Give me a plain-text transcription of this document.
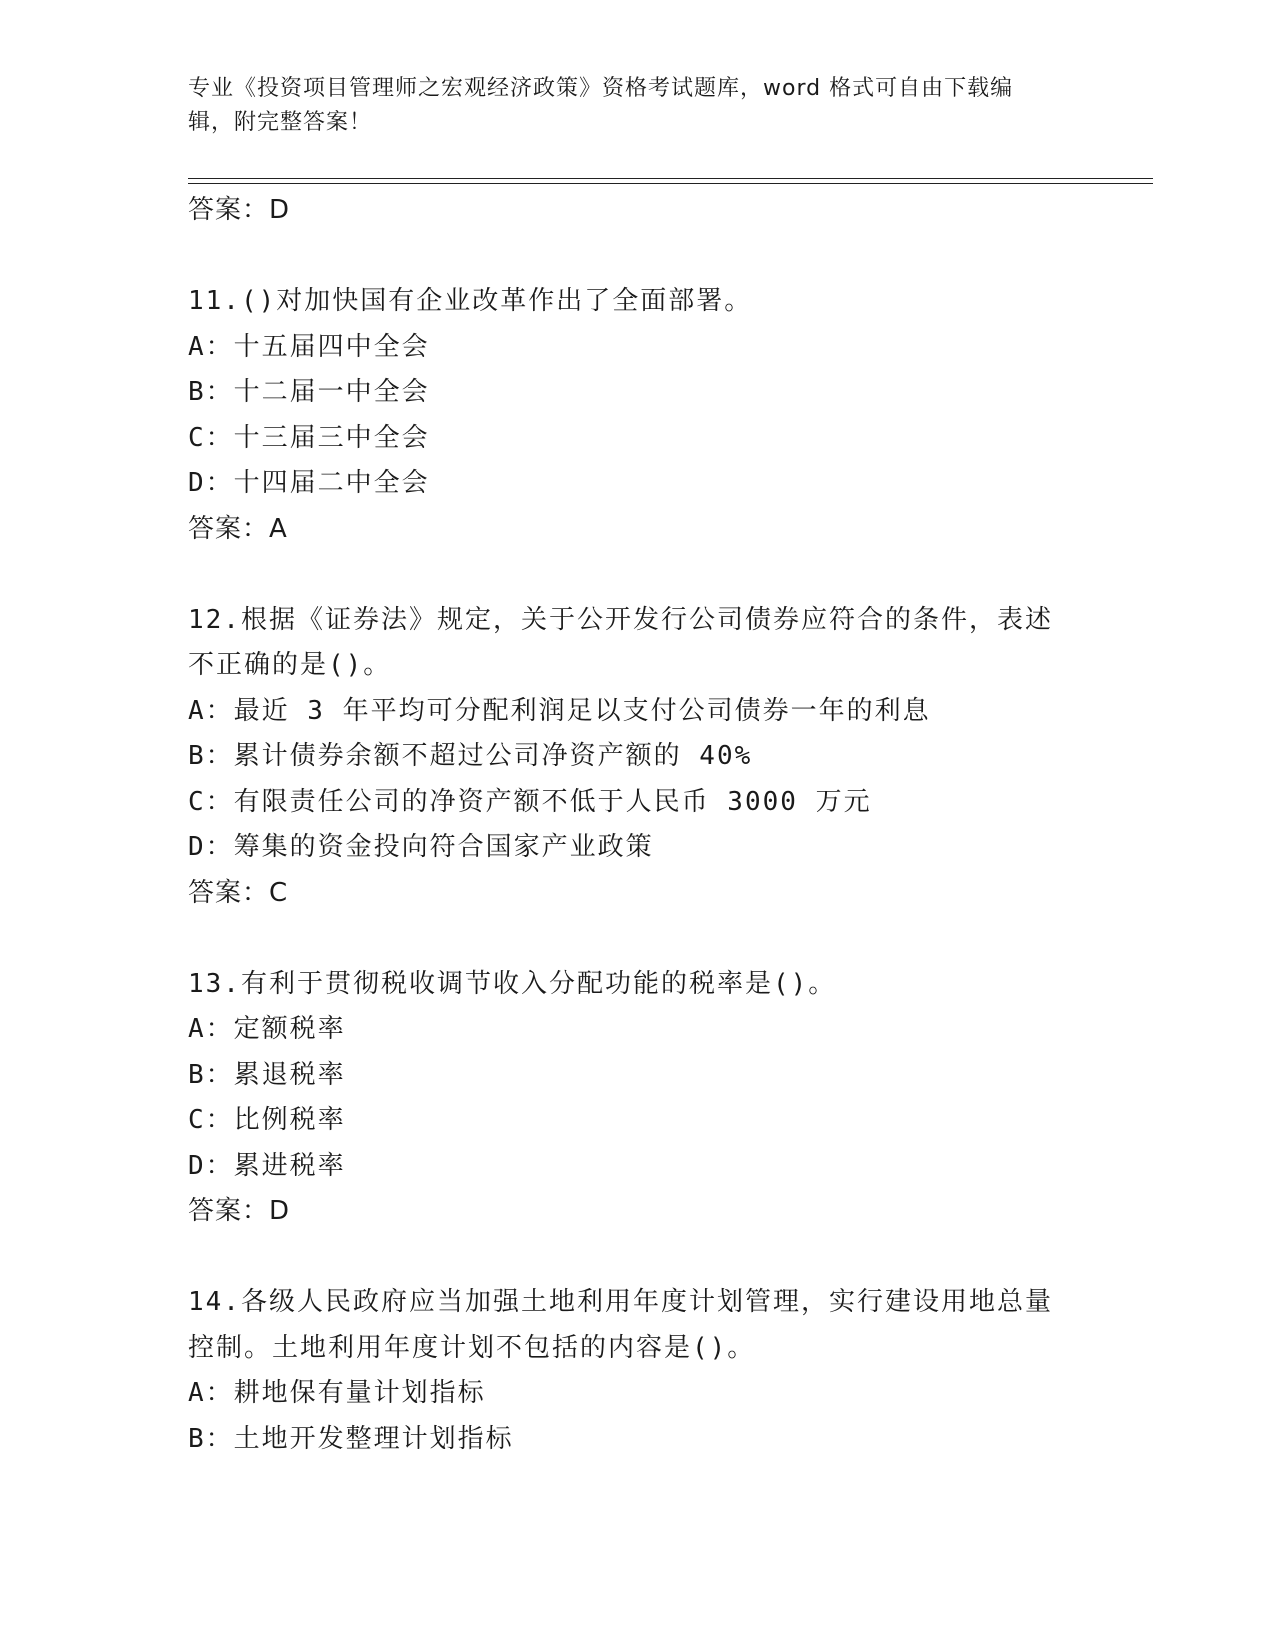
专业《投资项目管理师之宏观经济政策》资格考试题库，word 格式可自由下载编
辑，附完整答案！
答案：D
11.()对加快国有企业改革作出了全面部署。
A：十五届四中全会
B：十二届一中全会
C：十三届三中全会
D：十四届二中全会
答案：A
12.根据《证券法》规定，关于公开发行公司债券应符合的条件，表述
不正确的是()。
A：最近 3 年平均可分配利润足以支付公司债券一年的利息
B：累计债券余额不超过公司净资产额的 40%
C：有限责任公司的净资产额不低于人民币 3000 万元
D：筹集的资金投向符合国家产业政策
答案：C
13.有利于贯彻税收调节收入分配功能的税率是()。
A：定额税率
B：累退税率
C：比例税率
D：累进税率
答案：D
14.各级人民政府应当加强土地利用年度计划管理，实行建设用地总量
控制。土地利用年度计划不包括的内容是()。
A：耕地保有量计划指标
B：土地开发整理计划指标
